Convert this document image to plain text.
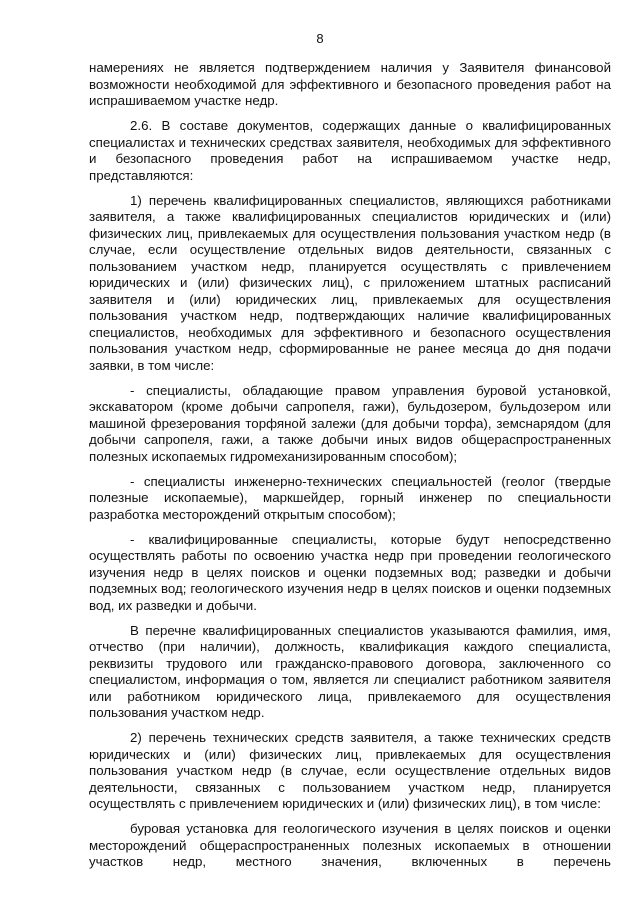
8

намерениях не является подтверждением наличия у Заявителя финансовой возможности необходимой для эффективного и безопасного проведения работ на испрашиваемом участке недр.

2.6. В составе документов, содержащих данные о квалифицированных специалистах и технических средствах заявителя, необходимых для эффективного и безопасного проведения работ на испрашиваемом участке недр, представляются:

1) перечень квалифицированных специалистов, являющихся работниками заявителя, а также квалифицированных специалистов юридических и (или) физических лиц, привлекаемых для осуществления пользования участком недр (в случае, если осуществление отдельных видов деятельности, связанных с пользованием участком недр, планируется осуществлять с привлечением юридических и (или) физических лиц), с приложением штатных расписаний заявителя и (или) юридических лиц, привлекаемых для осуществления пользования участком недр, подтверждающих наличие квалифицированных специалистов, необходимых для эффективного и безопасного осуществления пользования участком недр, сформированные не ранее месяца до дня подачи заявки, в том числе:

- специалисты, обладающие правом управления буровой установкой, экскаватором (кроме добычи сапропеля, гажи), бульдозером, бульдозером или машиной фрезерования торфяной залежи (для добычи торфа), земснарядом (для добычи сапропеля, гажи, а также добычи иных видов общераспространенных полезных ископаемых гидромеханизированным способом);

- специалисты инженерно-технических специальностей (геолог (твердые полезные ископаемые), маркшейдер, горный инженер по специальности разработка месторождений открытым способом);

- квалифицированные специалисты, которые будут непосредственно осуществлять работы по освоению участка недр при проведении геологического изучения недр в целях поисков и оценки подземных вод; разведки и добычи подземных вод; геологического изучения недр в целях поисков и оценки подземных вод, их разведки и добычи.

В перечне квалифицированных специалистов указываются фамилия, имя, отчество (при наличии), должность, квалификация каждого специалиста, реквизиты трудового или гражданско-правового договора, заключенного со специалистом, информация о том, является ли специалист работником заявителя или работником юридического лица, привлекаемого для осуществления пользования участком недр.

2) перечень технических средств заявителя, а также технических средств юридических и (или) физических лиц, привлекаемых для осуществления пользования участком недр (в случае, если осуществление отдельных видов деятельности, связанных с пользованием участком недр, планируется осуществлять с привлечением юридических и (или) физических лиц), в том числе:

буровая установка для геологического изучения в целях поисков и оценки месторождений общераспространенных полезных ископаемых в отношении участков недр, местного значения, включенных в перечень
